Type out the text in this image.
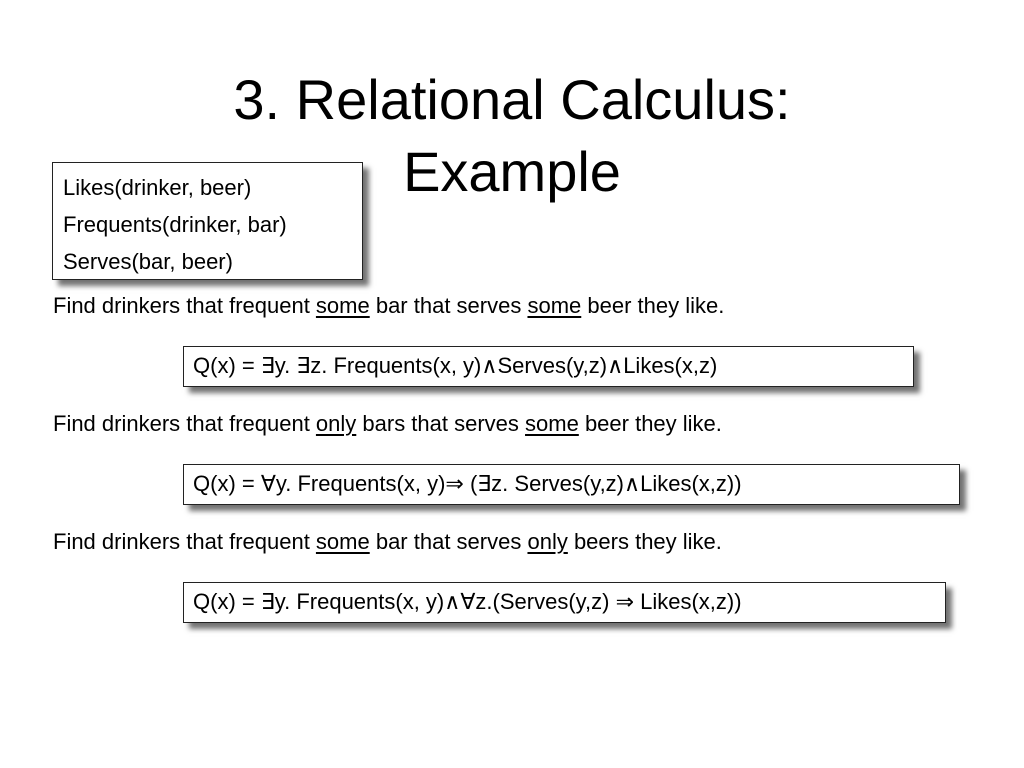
3. Relational Calculus:
Example
Likes(drinker, beer)
Frequents(drinker, bar)
Serves(bar, beer)
Find drinkers that frequent some bar that serves some beer they like.
Q(x) = ∃y. ∃z. Frequents(x, y)∧Serves(y,z)∧Likes(x,z)
Find drinkers that frequent only bars that serves some beer they like.
Q(x) = ∀y. Frequents(x, y)⇒ (∃z. Serves(y,z)∧Likes(x,z))
Find drinkers that frequent some bar that serves only beers they like.
Q(x) = ∃y. Frequents(x, y)∧∀z.(Serves(y,z) ⇒ Likes(x,z))
